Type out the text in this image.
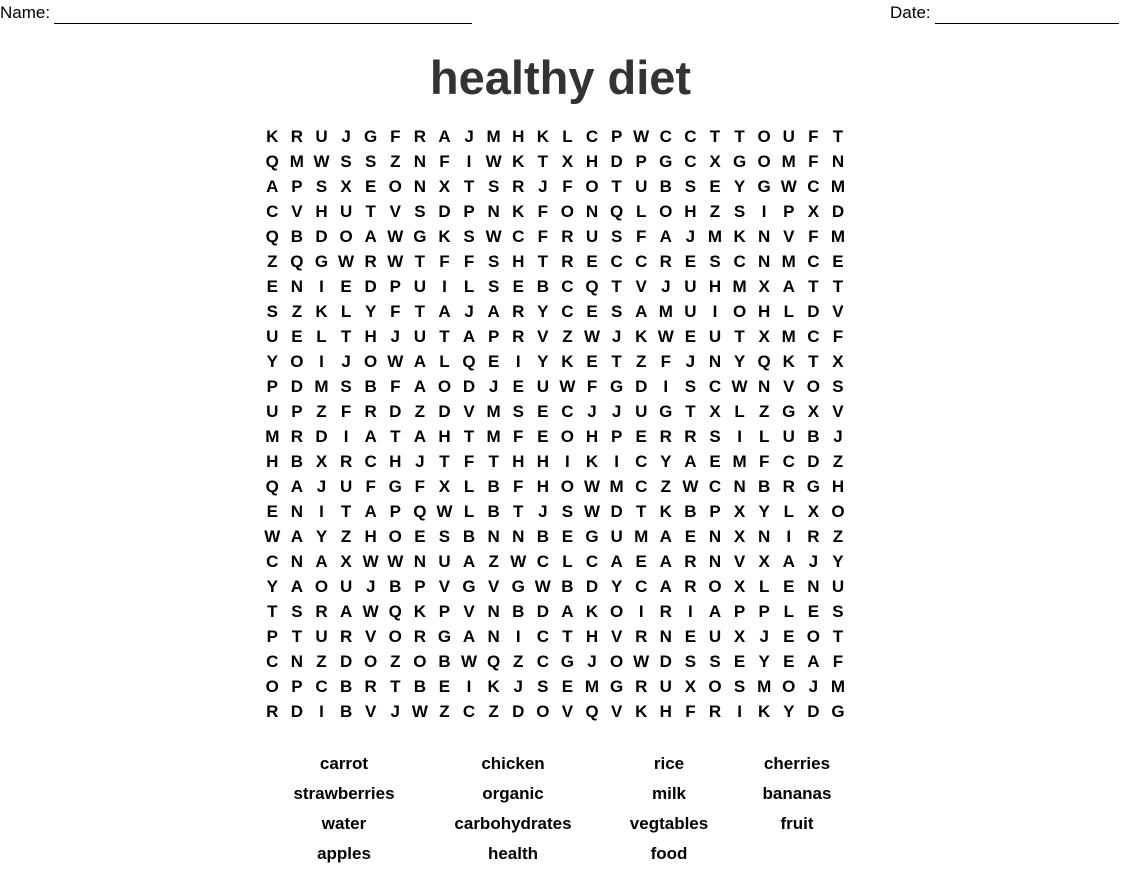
Name:	Date:
healthy diet
K R U J G F R A J M H K L C P W C C T T O U F T
Q M W S S Z N F	I W K T X H D P G C X G O M F N
A P S X E O N X T S R J F O T U B S E Y G W C M
C V H U T V S D P N K F O N Q L O H Z S I P X D
Q B D O A W G K S W C F R U S F A J M K N V F M
Z Q G W R W T F F S H T R E C C R E S C N M C E
E N I E D P U I	L S E B C Q T V J U H M X A T T
S Z K L Y F T A J A R Y C E S A M U I O H L D V
U E L T H J U T A P R V Z W J K W E U T X M C F
Y O I	J O W A L Q E I Y K E T Z F J N Y Q K T X
P D M S B F A O D J E U W F G D I S C W N V O S
U P Z F R D Z D V M S E C J J U G T X L Z G X V
M R D I A T A H T M F E O H P E R R S I	L U B J
H B X R C H J T F T H H I K I C Y A E M F C D Z
Q A J U F G F X L B F H O W M C Z W C N B R G H
E N I	T A P Q W L B T J S W D T K B P X Y L X O
W A Y Z H O E S B N N B E G U M A E N X N I R Z
C N A X W W N U A Z W C L C A E A R N V X A J Y
Y A O U J B P V G V G W B D Y C A R O X L E N U
T S R A W Q K P V N B D A K O I R I A P P L E S
P T U R V O R G A N I C T H V R N E U X J E O T
C N Z D O Z O B W Q Z C G J O W D S S E Y E A F
O P C B R T B E I K J S E M G R U X O S M O J M
R D I B V J W Z C Z D O V Q V K H F R I K Y D G
carrot	chicken	rice	cherries
strawberries	organic	milk	bananas
water	carbohydrates	vegtables	fruit
apples	health	food
